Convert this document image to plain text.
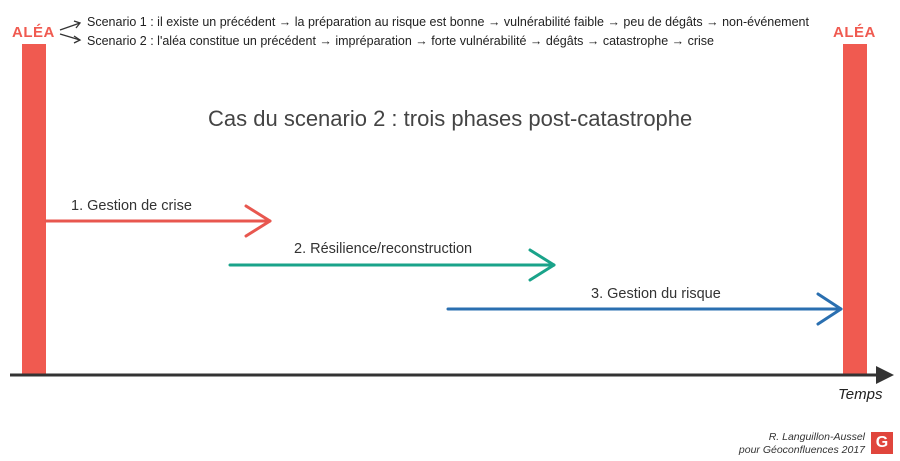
ALÉA	ALÉA
Scenario 1 : il existe un précédent → la préparation au risque est bonne → vulnérabilité faible → peu de dégâts → non-événement
Scenario 2 : l'aléa constitue un précédent → impréparation → forte vulnérabilité → dégâts → catastrophe → crise
Cas du scenario 2 : trois phases post-catastrophe
1. Gestion de crise
2. Résilience/reconstruction
3. Gestion du risque
Temps
R. Languillon-Aussel
pour Géoconfluences 2017 G
